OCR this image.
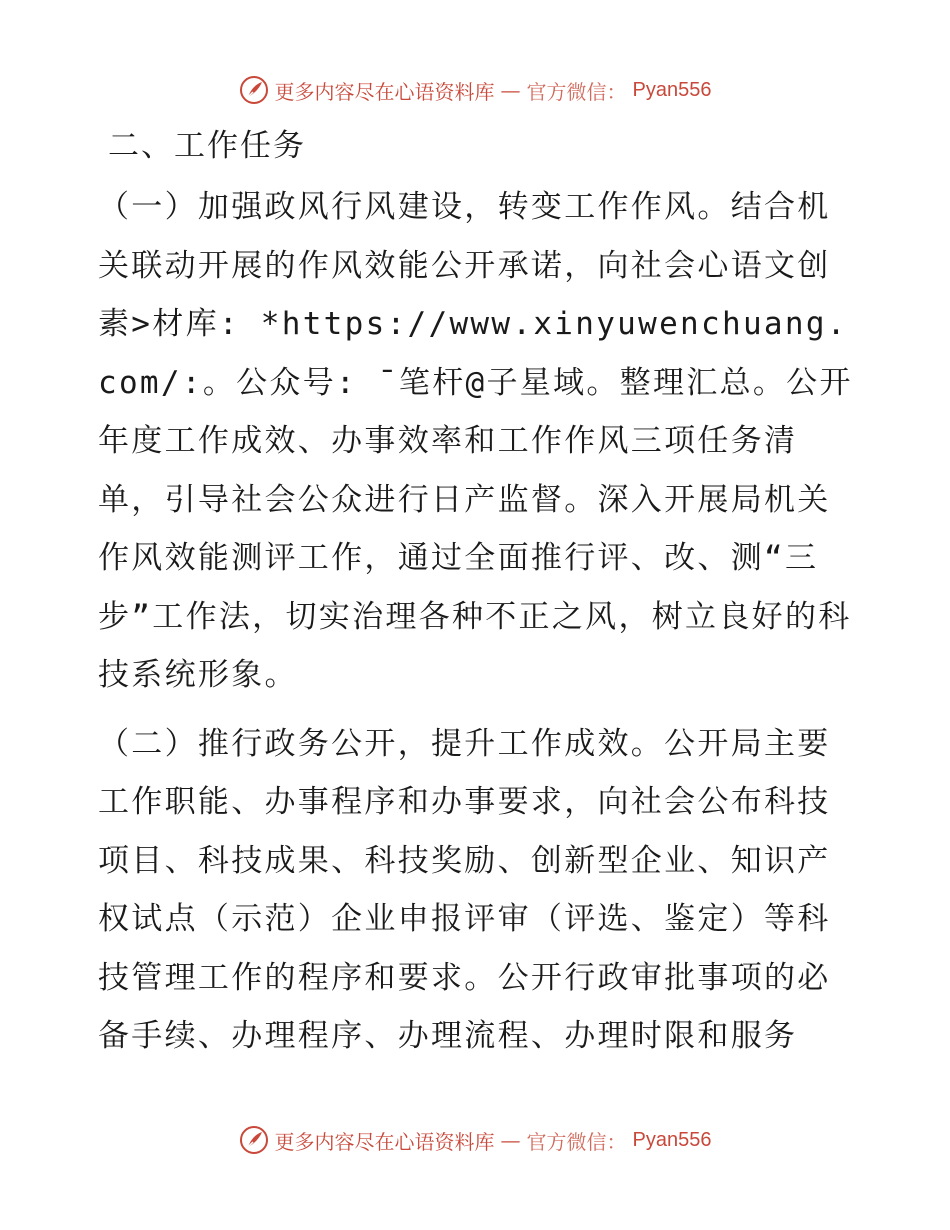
更多内容尽在心语资料库 — 官方微信： Pyan556
二、工作任务

（一）加强政风行风建设，转变工作作风。结合机关联动开展的作风效能公开承诺，向社会心语文创素>材库: *https://www.xinyuwenchuang.com/:。公众号: ¯笔杆@子星域。整理汇总。公开年度工作成效、办事效率和工作作风三项任务清单，引导社会公众进行日产监督。深入开展局机关作风效能测评工作，通过全面推行评、改、测“三步”工作法，切实治理各种不正之风，树立良好的科技系统形象。

（二）推行政务公开，提升工作成效。公开局主要工作职能、办事程序和办事要求，向社会公布科技项目、科技成果、科技奖励、创新型企业、知识产权试点（示范）企业申报评审（评选、鉴定）等科技管理工作的程序和要求。公开行政审批事项的必备手续、办理程序、办理流程、办理时限和服务

更多内容尽在心语资料库 — 官方微信： Pyan556
